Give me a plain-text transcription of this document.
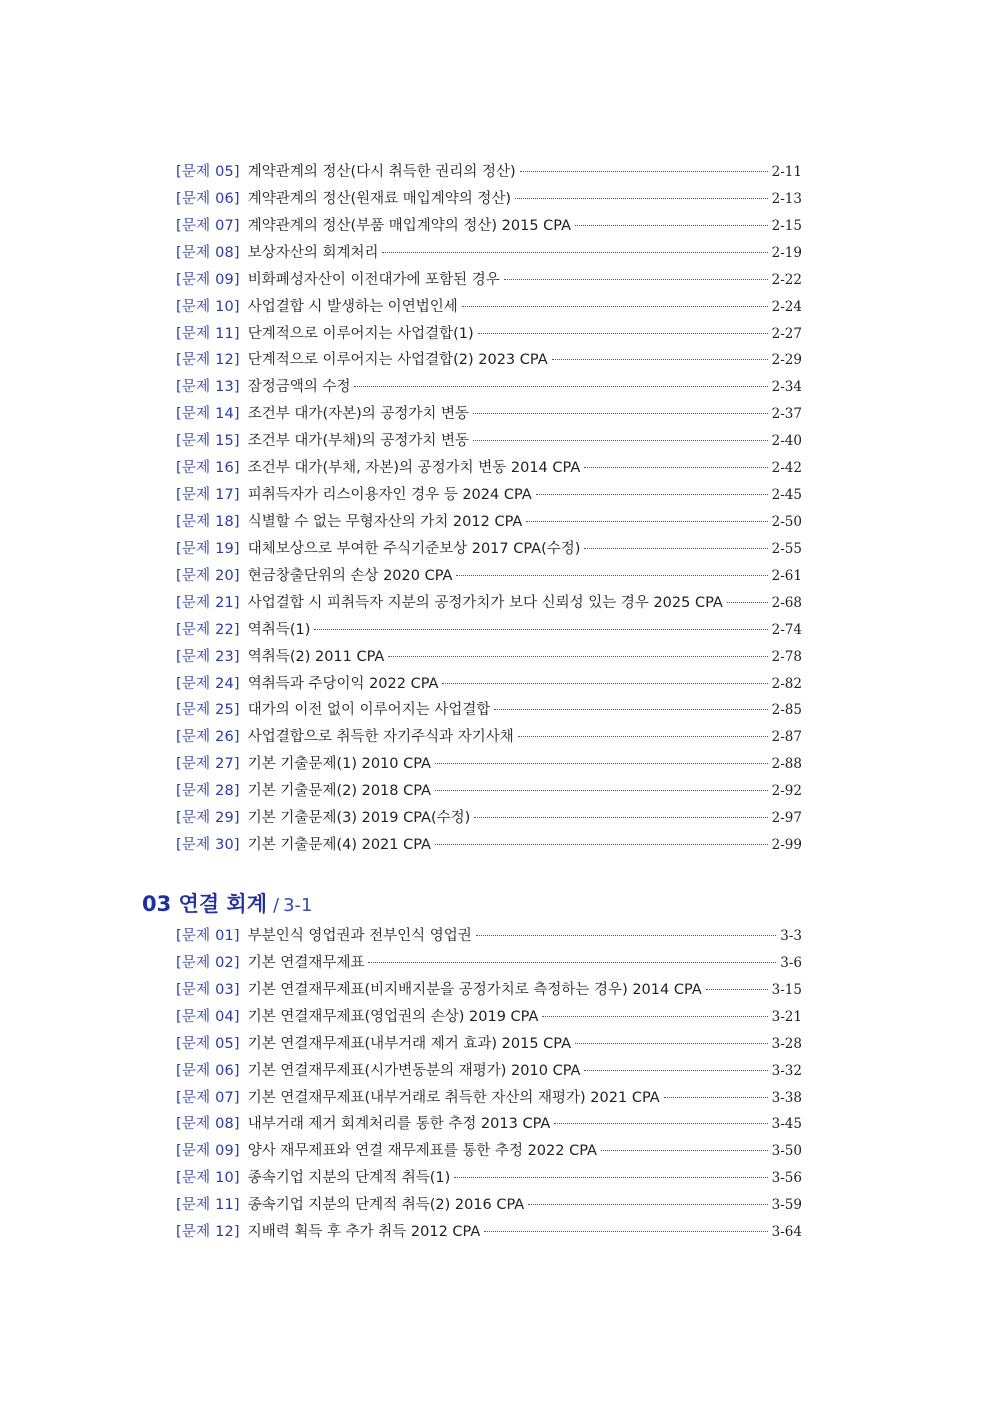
[문제 05] 계약관계의 정산(다시 취득한 권리의 정산)	2-11
[문제 06] 계약관계의 정산(원재료 매입계약의 정산)	2-13
[문제 07] 계약관계의 정산(부품 매입계약의 정산) 2015 CPA	2-15
[문제 08] 보상자산의 회계처리	2-19
[문제 09] 비화폐성자산이 이전대가에 포함된 경우	2-22
[문제 10] 사업결합 시 발생하는 이연법인세	2-24
[문제 11] 단계적으로 이루어지는 사업결합(1)	2-27
[문제 12] 단계적으로 이루어지는 사업결합(2) 2023 CPA	2-29
[문제 13] 잠정금액의 수정	2-34
[문제 14] 조건부 대가(자본)의 공정가치 변동	2-37
[문제 15] 조건부 대가(부채)의 공정가치 변동	2-40
[문제 16] 조건부 대가(부채, 자본)의 공정가치 변동 2014 CPA	2-42
[문제 17] 피취득자가 리스이용자인 경우 등 2024 CPA	2-45
[문제 18] 식별할 수 없는 무형자산의 가치 2012 CPA	2-50
[문제 19] 대체보상으로 부여한 주식기준보상 2017 CPA(수정)	2-55
[문제 20] 현금창출단위의 손상 2020 CPA	2-61
[문제 21] 사업결합 시 피취득자 지분의 공정가치가 보다 신뢰성 있는 경우 2025 CPA	2-68
[문제 22] 역취득(1)	2-74
[문제 23] 역취득(2) 2011 CPA	2-78
[문제 24] 역취득과 주당이익 2022 CPA	2-82
[문제 25] 대가의 이전 없이 이루어지는 사업결합	2-85
[문제 26] 사업결합으로 취득한 자기주식과 자기사채	2-87
[문제 27] 기본 기출문제(1) 2010 CPA	2-88
[문제 28] 기본 기출문제(2) 2018 CPA	2-92
[문제 29] 기본 기출문제(3) 2019 CPA(수정)	2-97
[문제 30] 기본 기출문제(4) 2021 CPA	2-99
03 연결 회계 / 3-1
[문제 01] 부분인식 영업권과 전부인식 영업권	3-3
[문제 02] 기본 연결재무제표	3-6
[문제 03] 기본 연결재무제표(비지배지분을 공정가치로 측정하는 경우) 2014 CPA	3-15
[문제 04] 기본 연결재무제표(영업권의 손상) 2019 CPA	3-21
[문제 05] 기본 연결재무제표(내부거래 제거 효과) 2015 CPA	3-28
[문제 06] 기본 연결재무제표(시가변동분의 재평가) 2010 CPA	3-32
[문제 07] 기본 연결재무제표(내부거래로 취득한 자산의 재평가) 2021 CPA	3-38
[문제 08] 내부거래 제거 회계처리를 통한 추정 2013 CPA	3-45
[문제 09] 양사 재무제표와 연결 재무제표를 통한 추정 2022 CPA	3-50
[문제 10] 종속기업 지분의 단계적 취득(1)	3-56
[문제 11] 종속기업 지분의 단계적 취득(2) 2016 CPA	3-59
[문제 12] 지배력 획득 후 추가 취득 2012 CPA	3-64
